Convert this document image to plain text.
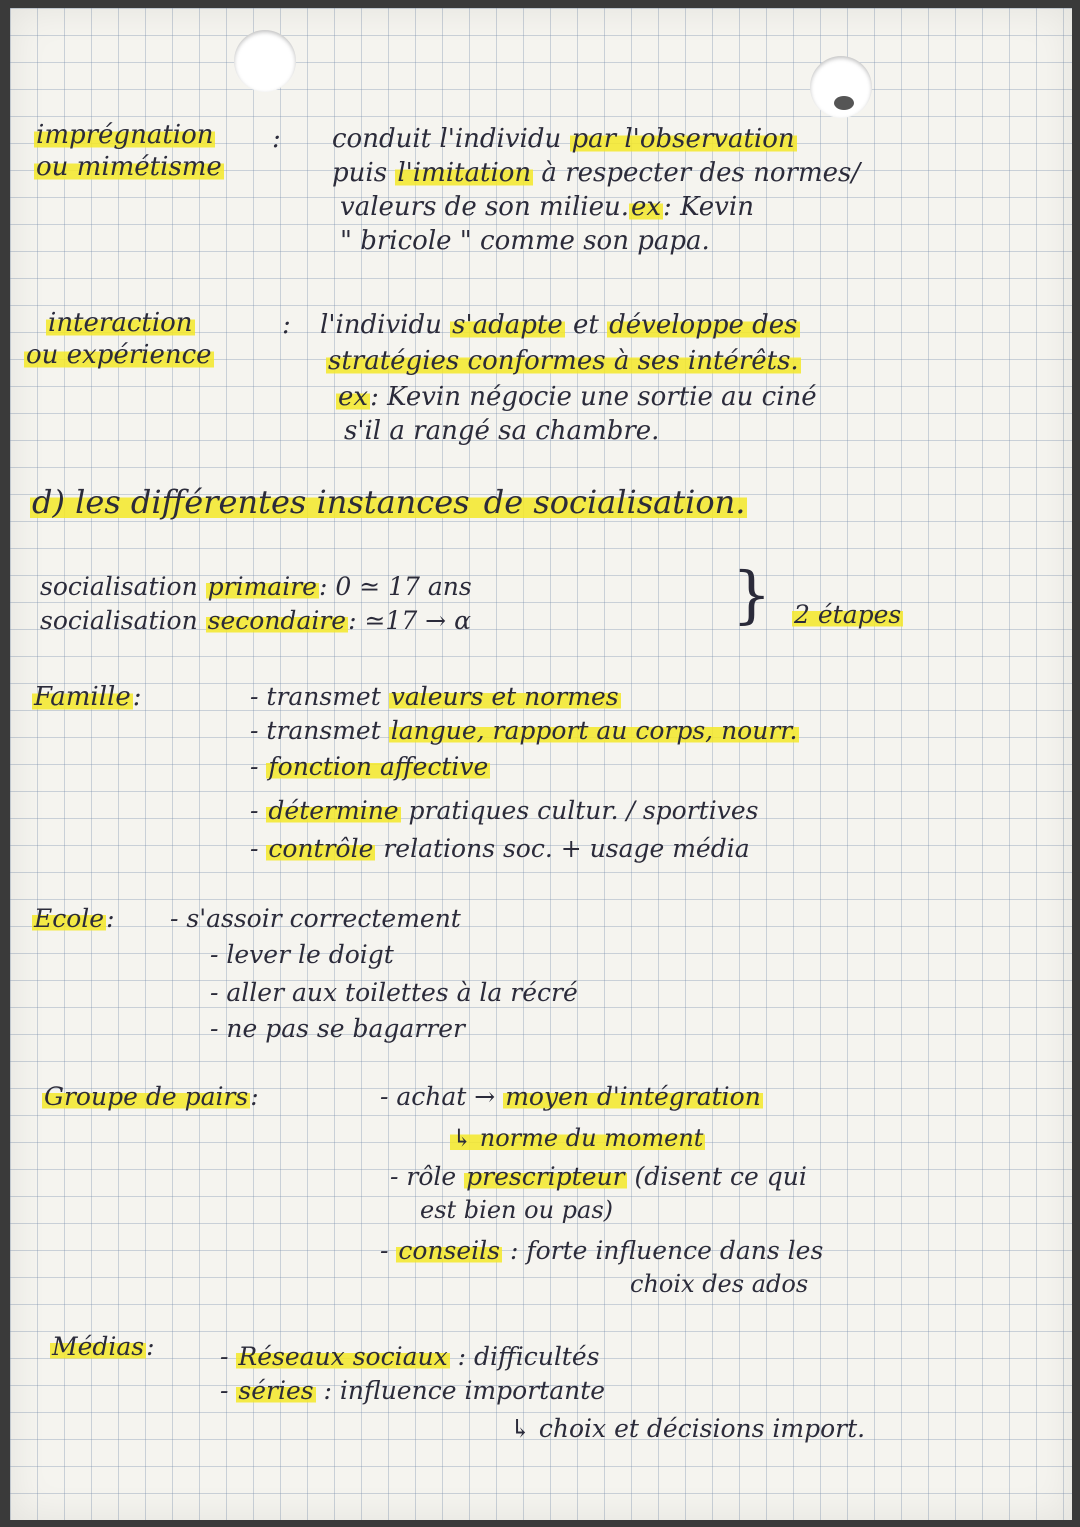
imprégnation

ou mimétisme

: conduit l'individu par l'observation

puis l'imitation à respecter des normes/

valeurs de son milieu.ex: Kevin

" bricole " comme son papa.

interaction

ou expérience

: l'individu s'adapte et développe des

stratégies conformes à ses intérêts.

ex: Kevin négocie une sortie au ciné

s'il a rangé sa chambre.

d) les différentes instances de socialisation.

socialisation primaire: 0 ≃ 17 ans

socialisation secondaire: ≃17 → α	} 2 étapes

Famille:	- transmet valeurs et normes

- transmet langue, rapport au corps, nourr.

- fonction affective

- détermine pratiques cultur. / sportives

- contrôle relations soc. + usage média

Ecole: - s'assoir correctement

- lever le doigt

- aller aux toilettes à la récré

- ne pas se bagarrer

Groupe de pairs:	- achat → moyen d'intégration

↳ norme du moment

- rôle prescripteur (disent ce qui

est bien ou pas)

- conseils : forte influence dans les

choix des ados

Médias:	- Réseaux sociaux : difficultés

- séries : influence importante

↳ choix et décisions import.
